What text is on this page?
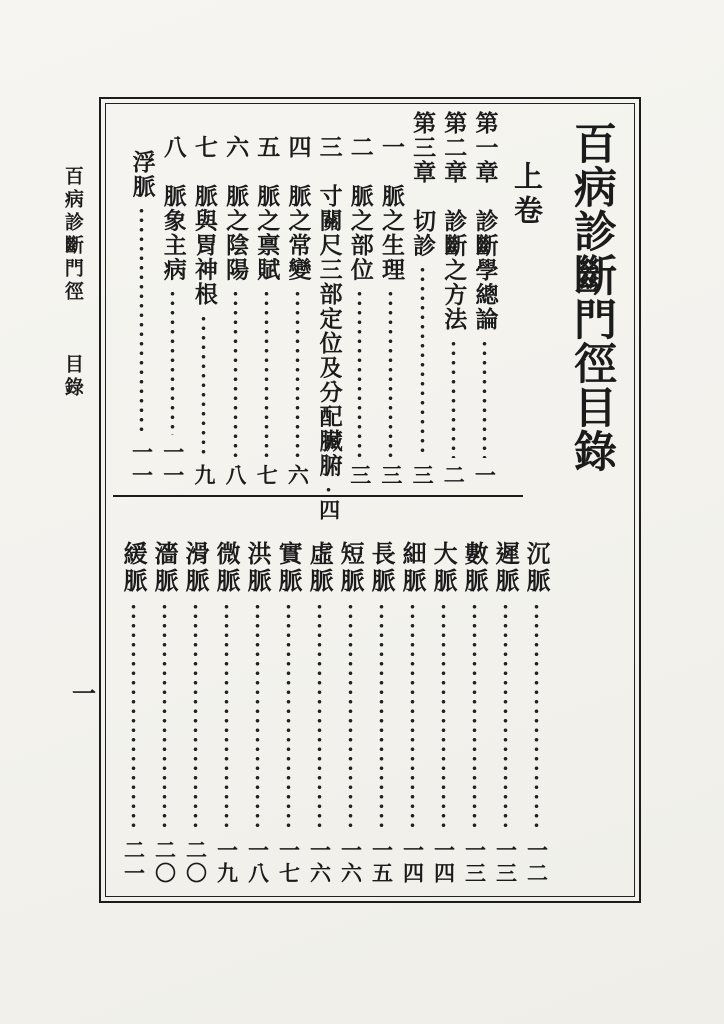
百病診斷門徑 目錄
一
百病診斷門徑目錄
上卷
第一章　診斷學總論
一
第二章　診斷之方法
二
第三章　切診
三
一　脈之生理
三
二　脈之部位
三
三　寸關尺三部定位及分配臟腑
四
四　脈之常變
六
五　脈之禀賦
七
六　脈之陰陽
八
七　脈與胃神根
九
八　脈象主病
一一
浮脈
一一
沉脈
一二
遲脈
一三
數脈
一三
大脈
一四
細脈
一四
長脈
一五
短脈
一六
虛脈
一六
實脈
一七
洪脈
一八
微脈
一九
滑脈
二〇
濇脈
二〇
緩脈
二一
